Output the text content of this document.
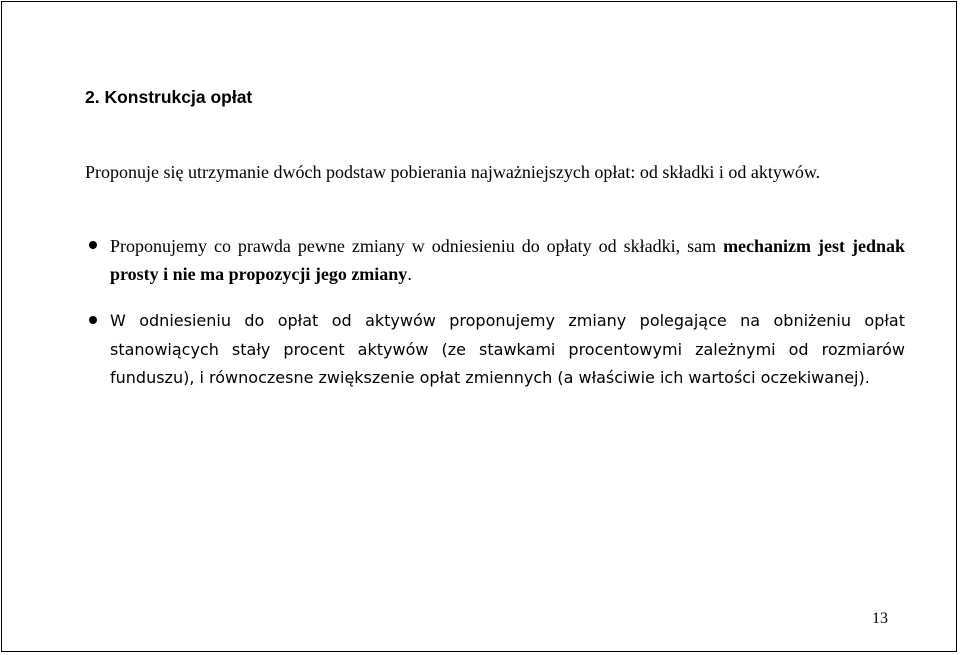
2. Konstrukcja opłat

Proponuje się utrzymanie dwóch podstaw pobierania najważniejszych opłat: od składki i od aktywów.

Proponujemy co prawda pewne zmiany w odniesieniu do opłaty od składki, sam mechanizm jest jednak prosty i nie ma propozycji jego zmiany.
W odniesieniu do opłat od aktywów proponujemy zmiany polegające na obniżeniu opłat stanowiących stały procent aktywów (ze stawkami procentowymi zależnymi od rozmiarów funduszu), i równoczesne zwiększenie opłat zmiennych (a właściwie ich wartości oczekiwanej).
13
